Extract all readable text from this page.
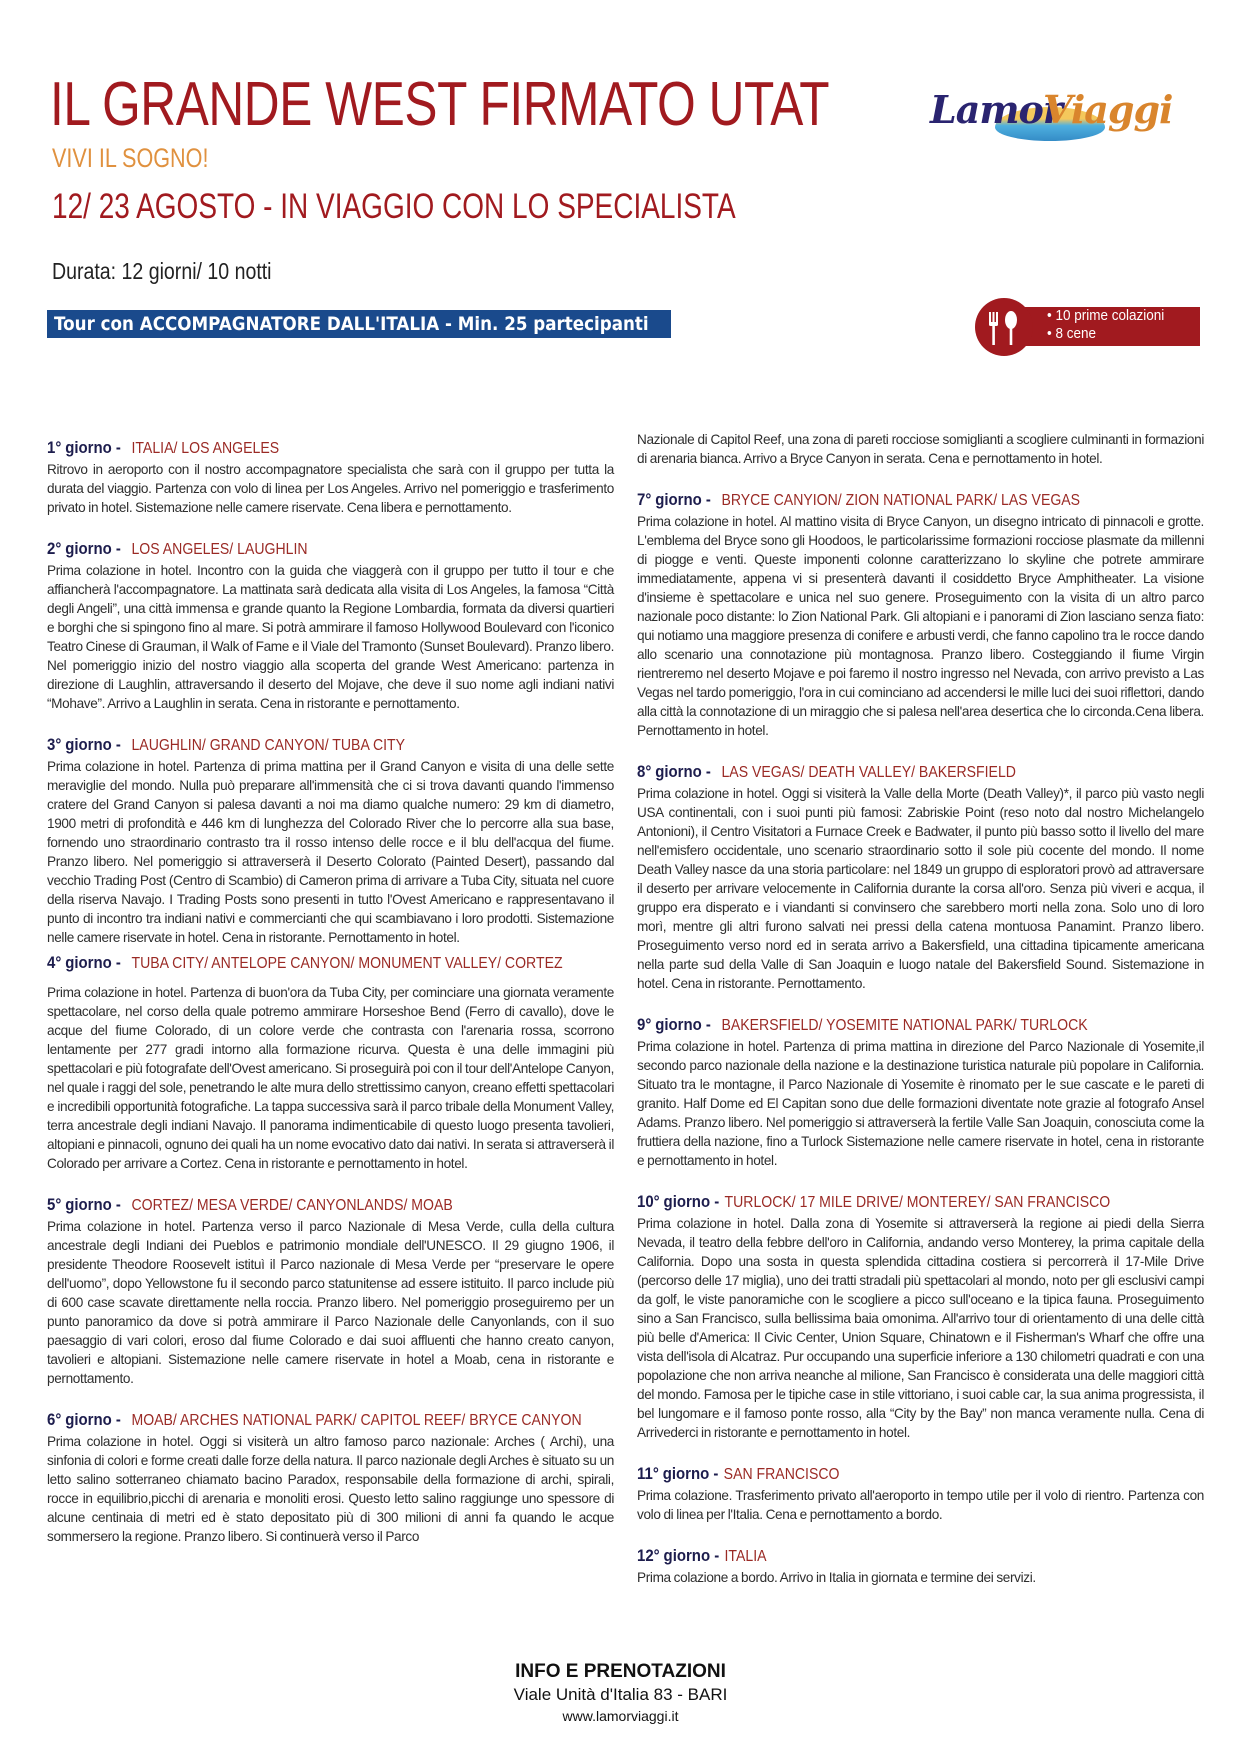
IL GRANDE WEST FIRMATO UTAT
VIVI IL SOGNO!
12/ 23 AGOSTO - IN VIAGGIO CON LO SPECIALISTA
Durata: 12 giorni/ 10 notti
Tour con ACCOMPAGNATORE DALL'ITALIA - Min. 25 partecipanti
Lamor
Viaggi
• 10 prime colazioni
• 8 cene
1° giorno - ITALIA/ LOS ANGELES

Ritrovo in aeroporto con il nostro accompagnatore specialista che sarà con il gruppo per tutta la durata del viaggio. Partenza con volo di linea per Los Angeles. Arrivo nel pomeriggio e trasferimento privato in hotel. Sistemazione nelle camere riservate. Cena libera e pernottamento.

2° giorno - LOS ANGELES/ LAUGHLIN

Prima colazione in hotel. Incontro con la guida che viaggerà con il gruppo per tutto il tour e che affiancherà l'accompagnatore. La mattinata sarà dedicata alla visita di Los Angeles, la famosa “Città degli Angeli”, una città immensa e grande quanto la Regione Lombardia, formata da diversi quartieri e borghi che si spingono fino al mare. Si potrà ammirare il famoso Hollywood Boulevard con l'iconico Teatro Cinese di Grauman, il Walk of Fame e il Viale del Tramonto (Sunset Boulevard). Pranzo libero. Nel pomeriggio inizio del nostro viaggio alla scoperta del grande West Americano: partenza in direzione di Laughlin, attraversando il deserto del Mojave, che deve il suo nome agli indiani nativi “Mohave”. Arrivo a Laughlin in serata. Cena in ristorante e pernottamento.

3° giorno - LAUGHLIN/ GRAND CANYON/ TUBA CITY

Prima colazione in hotel. Partenza di prima mattina per il Grand Canyon e visita di una delle sette meraviglie del mondo. Nulla può preparare all'immensità che ci si trova davanti quando l'immenso cratere del Grand Canyon si palesa davanti a noi ma diamo qualche numero: 29 km di diametro, 1900 metri di profondità e 446 km di lunghezza del Colorado River che lo percorre alla sua base, fornendo uno straordinario contrasto tra il rosso intenso delle rocce e il blu dell'acqua del fiume. Pranzo libero. Nel pomeriggio si attraverserà il Deserto Colorato (Painted Desert), passando dal vecchio Trading Post (Centro di Scambio) di Cameron prima di arrivare a Tuba City, situata nel cuore della riserva Navajo. I Trading Posts sono presenti in tutto l'Ovest Americano e rappresentavano il punto di incontro tra indiani nativi e commercianti che qui scambiavano i loro prodotti. Sistemazione nelle camere riservate in hotel. Cena in ristorante. Pernottamento in hotel.

4° giorno - TUBA CITY/ ANTELOPE CANYON/ MONUMENT VALLEY/ CORTEZ

Prima colazione in hotel. Partenza di buon'ora da Tuba City, per cominciare una giornata veramente spettacolare, nel corso della quale potremo ammirare Horseshoe Bend (Ferro di cavallo), dove le acque del fiume Colorado, di un colore verde che contrasta con l'arenaria rossa, scorrono lentamente per 277 gradi intorno alla formazione ricurva. Questa è una delle immagini più spettacolari e più fotografate dell'Ovest americano. Si proseguirà poi con il tour dell'Antelope Canyon, nel quale i raggi del sole, penetrando le alte mura dello strettissimo canyon, creano effetti spettacolari e incredibili opportunità fotografiche. La tappa successiva sarà il parco tribale della Monument Valley, terra ancestrale degli indiani Navajo. Il panorama indimenticabile di questo luogo presenta tavolieri, altopiani e pinnacoli, ognuno dei quali ha un nome evocativo dato dai nativi. In serata si attraverserà il Colorado per arrivare a Cortez. Cena in ristorante e pernottamento in hotel.

5° giorno - CORTEZ/ MESA VERDE/ CANYONLANDS/ MOAB

Prima colazione in hotel. Partenza verso il parco Nazionale di Mesa Verde, culla della cultura ancestrale degli Indiani dei Pueblos e patrimonio mondiale dell'UNESCO. Il 29 giugno 1906, il presidente Theodore Roosevelt istituì il Parco nazionale di Mesa Verde per “preservare le opere dell'uomo”, dopo Yellowstone fu il secondo parco statunitense ad essere istituito. Il parco include più di 600 case scavate direttamente nella roccia. Pranzo libero. Nel pomeriggio proseguiremo per un punto panoramico da dove si potrà ammirare il Parco Nazionale delle Canyonlands, con il suo paesaggio di vari colori, eroso dal fiume Colorado e dai suoi affluenti che hanno creato canyon, tavolieri e altopiani. Sistemazione nelle camere riservate in hotel a Moab, cena in ristorante e pernottamento.

6° giorno - MOAB/ ARCHES NATIONAL PARK/ CAPITOL REEF/ BRYCE CANYON

Prima colazione in hotel. Oggi si visiterà un altro famoso parco nazionale: Arches ( Archi), una sinfonia di colori e forme creati dalle forze della natura. Il parco nazionale degli Arches è situato su un letto salino sotterraneo chiamato bacino Paradox, responsabile della formazione di archi, spirali, rocce in equilibrio,picchi di arenaria e monoliti erosi. Questo letto salino raggiunge uno spessore di alcune centinaia di metri ed è stato depositato più di 300 milioni di anni fa quando le acque sommersero la regione. Pranzo libero. Si continuerà verso il Parco

Nazionale di Capitol Reef, una zona di pareti rocciose somiglianti a scogliere culminanti in formazioni di arenaria bianca. Arrivo a Bryce Canyon in serata. Cena e pernottamento in hotel.

7° giorno - BRYCE CANYION/ ZION NATIONAL PARK/ LAS VEGAS

Prima colazione in hotel. Al mattino visita di Bryce Canyon, un disegno intricato di pinnacoli e grotte. L'emblema del Bryce sono gli Hoodoos, le particolarissime formazioni rocciose plasmate da millenni di piogge e venti. Queste imponenti colonne caratterizzano lo skyline che potrete ammirare immediatamente, appena vi si presenterà davanti il cosiddetto Bryce Amphitheater. La visione d'insieme è spettacolare e unica nel suo genere. Proseguimento con la visita di un altro parco nazionale poco distante: lo Zion National Park. Gli altopiani e i panorami di Zion lasciano senza fiato: qui notiamo una maggiore presenza di conifere e arbusti verdi, che fanno capolino tra le rocce dando allo scenario una connotazione più montagnosa. Pranzo libero. Costeggiando il fiume Virgin rientreremo nel deserto Mojave e poi faremo il nostro ingresso nel Nevada, con arrivo previsto a Las Vegas nel tardo pomeriggio, l'ora in cui cominciano ad accendersi le mille luci dei suoi riflettori, dando alla città la connotazione di un miraggio che si palesa nell'area desertica che lo circonda.Cena libera. Pernottamento in hotel.

8° giorno - LAS VEGAS/ DEATH VALLEY/ BAKERSFIELD

Prima colazione in hotel. Oggi si visiterà la Valle della Morte (Death Valley)*, il parco più vasto negli USA continentali, con i suoi punti più famosi: Zabriskie Point (reso noto dal nostro Michelangelo Antonioni), il Centro Visitatori a Furnace Creek e Badwater, il punto più basso sotto il livello del mare nell'emisfero occidentale, uno scenario straordinario sotto il sole più cocente del mondo. Il nome Death Valley nasce da una storia particolare: nel 1849 un gruppo di esploratori provò ad attraversare il deserto per arrivare velocemente in California durante la corsa all'oro. Senza più viveri e acqua, il gruppo era disperato e i viandanti si convinsero che sarebbero morti nella zona. Solo uno di loro morì, mentre gli altri furono salvati nei pressi della catena montuosa Panamint. Pranzo libero. Proseguimento verso nord ed in serata arrivo a Bakersfield, una cittadina tipicamente americana nella parte sud della Valle di San Joaquin e luogo natale del Bakersfield Sound. Sistemazione in hotel. Cena in ristorante. Pernottamento.

9° giorno - BAKERSFIELD/ YOSEMITE NATIONAL PARK/ TURLOCK

Prima colazione in hotel. Partenza di prima mattina in direzione del Parco Nazionale di Yosemite,il secondo parco nazionale della nazione e la destinazione turistica naturale più popolare in California. Situato tra le montagne, il Parco Nazionale di Yosemite è rinomato per le sue cascate e le pareti di granito. Half Dome ed El Capitan sono due delle formazioni diventate note grazie al fotografo Ansel Adams. Pranzo libero. Nel pomeriggio si attraverserà la fertile Valle San Joaquin, conosciuta come la fruttiera della nazione, fino a Turlock Sistemazione nelle camere riservate in hotel, cena in ristorante e pernottamento in hotel.

10° giorno - TURLOCK/ 17 MILE DRIVE/ MONTEREY/ SAN FRANCISCO

Prima colazione in hotel. Dalla zona di Yosemite si attraverserà la regione ai piedi della Sierra Nevada, il teatro della febbre dell'oro in California, andando verso Monterey, la prima capitale della California. Dopo una sosta in questa splendida cittadina costiera si percorrerà il 17-Mile Drive (percorso delle 17 miglia), uno dei tratti stradali più spettacolari al mondo, noto per gli esclusivi campi da golf, le viste panoramiche con le scogliere a picco sull'oceano e la tipica fauna. Proseguimento sino a San Francisco, sulla bellissima baia omonima. All'arrivo tour di orientamento di una delle città più belle d'America: Il Civic Center, Union Square, Chinatown e il Fisherman's Wharf che offre una vista dell'isola di Alcatraz. Pur occupando una superficie inferiore a 130 chilometri quadrati e con una popolazione che non arriva neanche al milione, San Francisco è considerata una delle maggiori città del mondo. Famosa per le tipiche case in stile vittoriano, i suoi cable car, la sua anima progressista, il bel lungomare e il famoso ponte rosso, alla “City by the Bay” non manca veramente nulla. Cena di Arrivederci in ristorante e pernottamento in hotel.

11° giorno - SAN FRANCISCO

Prima colazione. Trasferimento privato all'aeroporto in tempo utile per il volo di rientro. Partenza con volo di linea per l'Italia. Cena e pernottamento a bordo.

12° giorno - ITALIA

Prima colazione a bordo. Arrivo in Italia in giornata e termine dei servizi.

INFO E PRENOTAZIONI
Viale Unità d'Italia 83 - BARI
www.lamorviaggi.it
